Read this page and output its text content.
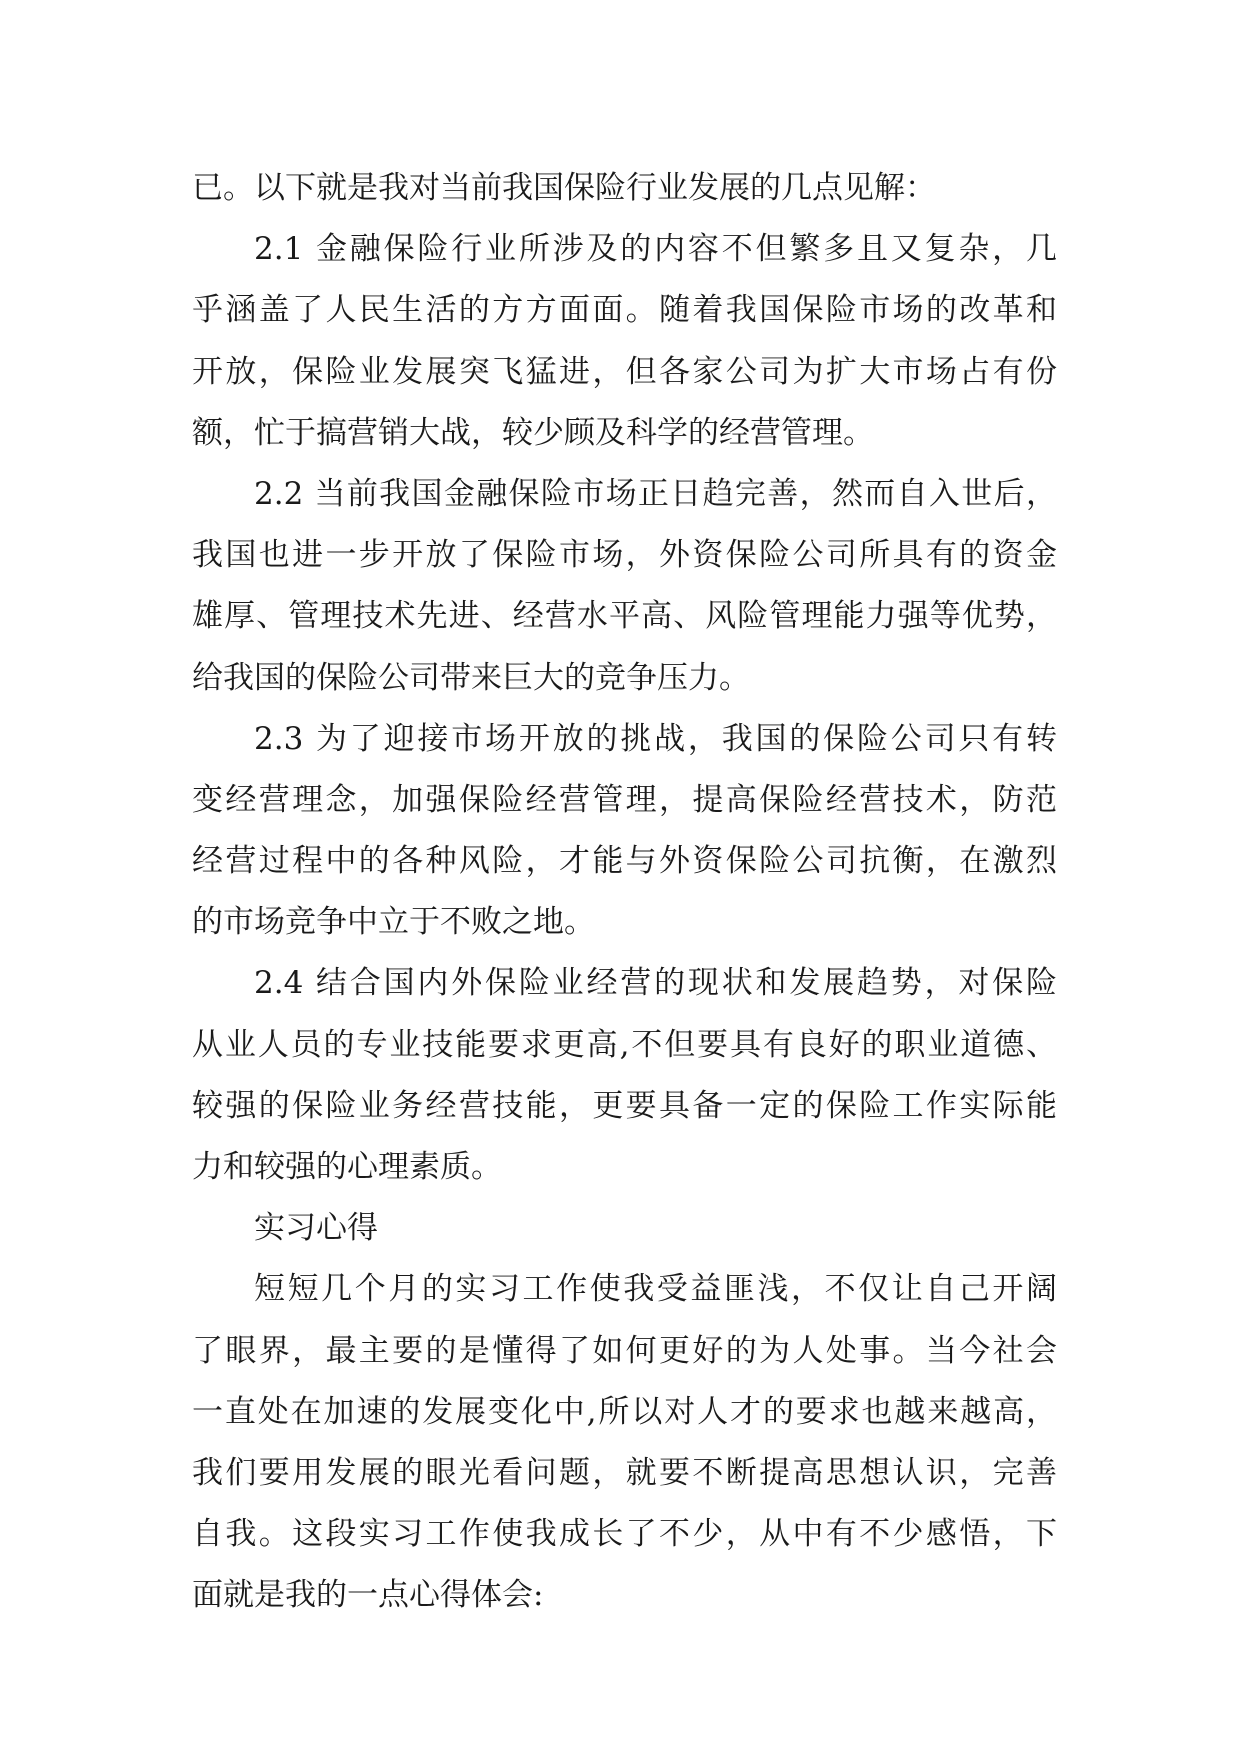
已。以下就是我对当前我国保险行业发展的几点见解：
2.1 金融保险行业所涉及的内容不但繁多且又复杂，几
乎涵盖了人民生活的方方面面。随着我国保险市场的改革和
开放，保险业发展突飞猛进，但各家公司为扩大市场占有份
额，忙于搞营销大战，较少顾及科学的经营管理。
2.2 当前我国金融保险市场正日趋完善，然而自入世后，
我国也进一步开放了保险市场，外资保险公司所具有的资金
雄厚、管理技术先进、经营水平高、风险管理能力强等优势，
给我国的保险公司带来巨大的竞争压力。
2.3 为了迎接市场开放的挑战，我国的保险公司只有转
变经营理念，加强保险经营管理，提高保险经营技术，防范
经营过程中的各种风险，才能与外资保险公司抗衡，在激烈
的市场竞争中立于不败之地。
2.4 结合国内外保险业经营的现状和发展趋势，对保险
从业人员的专业技能要求更高,不但要具有良好的职业道德、
较强的保险业务经营技能，更要具备一定的保险工作实际能
力和较强的心理素质。
实习心得
短短几个月的实习工作使我受益匪浅，不仅让自己开阔
了眼界，最主要的是懂得了如何更好的为人处事。当今社会
一直处在加速的发展变化中,所以对人才的要求也越来越高，
我们要用发展的眼光看问题，就要不断提高思想认识，完善
自我。这段实习工作使我成长了不少，从中有不少感悟，下
面就是我的一点心得体会:
